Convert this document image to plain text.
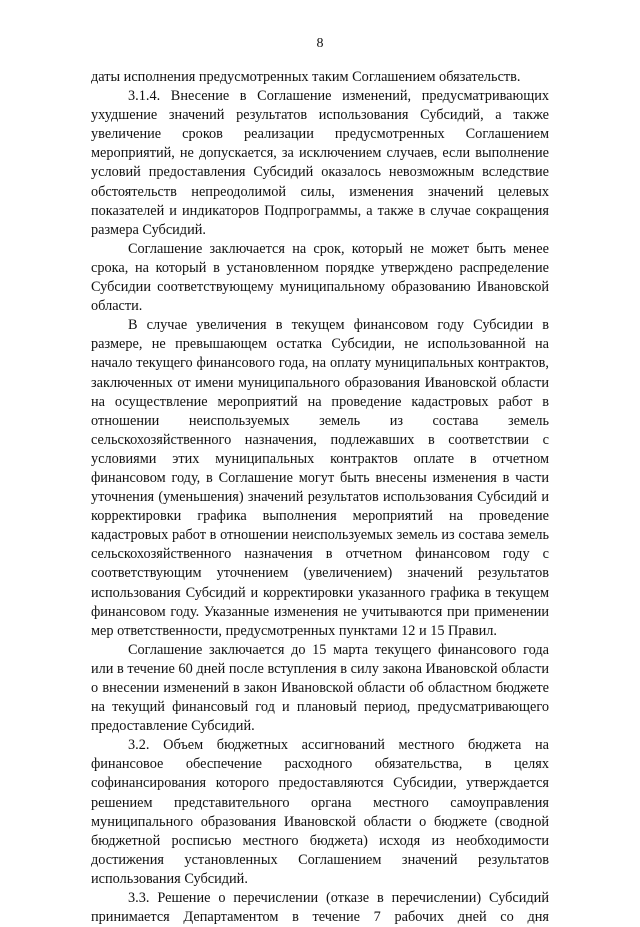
8

даты исполнения предусмотренных таким Соглашением обязательств.

3.1.4. Внесение в Соглашение изменений, предусматривающих ухудшение значений результатов использования Субсидий, а также увеличение сроков реализации предусмотренных Соглашением мероприятий, не допускается, за исключением случаев, если выполнение условий предоставления Субсидий оказалось невозможным вследствие обстоятельств непреодолимой силы, изменения значений целевых показателей и индикаторов Подпрограммы, а также в случае сокращения размера Субсидий.

Соглашение заключается на срок, который не может быть менее срока, на который в установленном порядке утверждено распределение Субсидии соответствующему муниципальному образованию Ивановской области.

В случае увеличения в текущем финансовом году Субсидии в размере, не превышающем остатка Субсидии, не использованной на начало текущего финансового года, на оплату муниципальных контрактов, заключенных от имени муниципального образования Ивановской области на осуществление мероприятий на проведение кадастровых работ в отношении неиспользуемых земель из состава земель сельскохозяйственного назначения, подлежавших в соответствии с условиями этих муниципальных контрактов оплате в отчетном финансовом году, в Соглашение могут быть внесены изменения в части уточнения (уменьшения) значений результатов использования Субсидий и корректировки графика выполнения мероприятий на проведение кадастровых работ в отношении неиспользуемых земель из состава земель сельскохозяйственного назначения в отчетном финансовом году с соответствующим уточнением (увеличением) значений результатов использования Субсидий и корректировки указанного графика в текущем финансовом году. Указанные изменения не учитываются при применении мер ответственности, предусмотренных пунктами 12 и 15 Правил.

Соглашение заключается до 15 марта текущего финансового года или в течение 60 дней после вступления в силу закона Ивановской области о внесении изменений в закон Ивановской области об областном бюджете на текущий финансовый год и плановый период, предусматривающего предоставление Субсидий.

3.2. Объем бюджетных ассигнований местного бюджета на финансовое обеспечение расходного обязательства, в целях софинансирования которого предоставляются Субсидии, утверждается решением представительного органа местного самоуправления муниципального образования Ивановской области о бюджете (сводной бюджетной росписью местного бюджета) исходя из необходимости достижения установленных Соглашением значений результатов использования Субсидий.

3.3. Решение о перечислении (отказе в перечислении) Субсидий принимается Департаментом в течение 7 рабочих дней со дня
